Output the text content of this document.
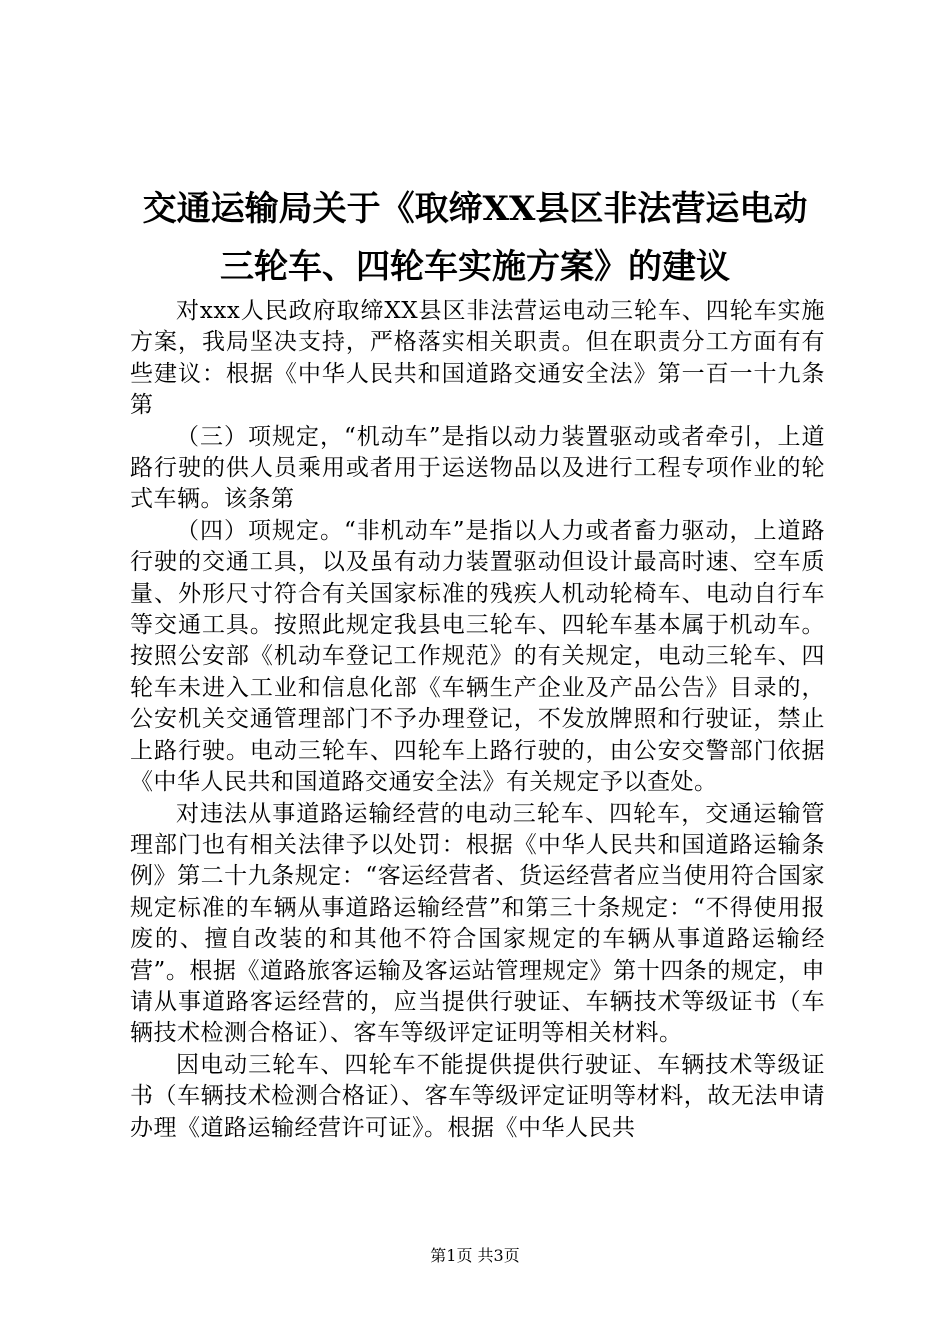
交通运输局关于《取缔XX县区非法营运电动
三轮车、四轮车实施方案》的建议

对xxx人民政府取缔XX县区非法营运电动三轮车、四轮车实施方案，我局坚决支持，严格落实相关职责。但在职责分工方面有有些建议：根据《中华人民共和国道路交通安全法》第一百一十九条第

（三）项规定，“机动车”是指以动力装置驱动或者牵引，上道路行驶的供人员乘用或者用于运送物品以及进行工程专项作业的轮式车辆。该条第

（四）项规定。“非机动车”是指以人力或者畜力驱动，上道路行驶的交通工具，以及虽有动力装置驱动但设计最高时速、空车质量、外形尺寸符合有关国家标准的残疾人机动轮椅车、电动自行车等交通工具。按照此规定我县电三轮车、四轮车基本属于机动车。按照公安部《机动车登记工作规范》的有关规定，电动三轮车、四轮车未进入工业和信息化部《车辆生产企业及产品公告》目录的，公安机关交通管理部门不予办理登记，不发放牌照和行驶证，禁止上路行驶。电动三轮车、四轮车上路行驶的，由公安交警部门依据《中华人民共和国道路交通安全法》有关规定予以查处。

对违法从事道路运输经营的电动三轮车、四轮车，交通运输管理部门也有相关法律予以处罚：根据《中华人民共和国道路运输条例》第二十九条规定：“客运经营者、货运经营者应当使用符合国家规定标准的车辆从事道路运输经营”和第三十条规定：“不得使用报废的、擅自改装的和其他不符合国家规定的车辆从事道路运输经营”。根据《道路旅客运输及客运站管理规定》第十四条的规定，申请从事道路客运经营的，应当提供行驶证、车辆技术等级证书（车辆技术检测合格证）、客车等级评定证明等相关材料。

因电动三轮车、四轮车不能提供提供行驶证、车辆技术等级证书（车辆技术检测合格证）、客车等级评定证明等材料，故无法申请办理《道路运输经营许可证》。根据《中华人民共

第1页 共3页
